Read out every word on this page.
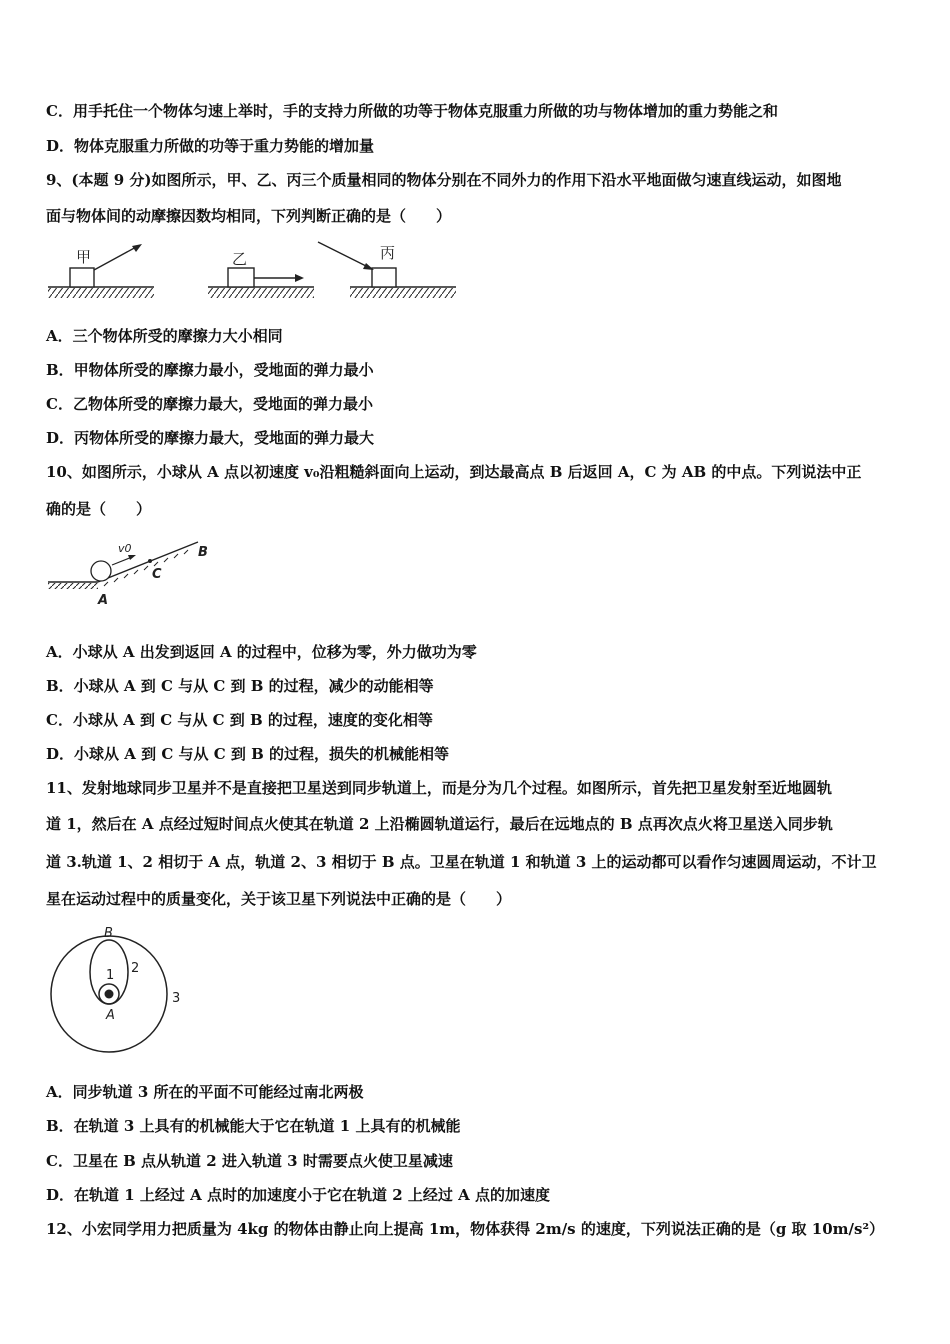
C．用手托住一个物体匀速上举时，手的支持力所做的功等于物体克服重力所做的功与物体增加的重力势能之和
D．物体克服重力所做的功等于重力势能的增加量
9、(本题 9 分)如图所示，甲、乙、丙三个质量相同的物体分别在不同外力的作用下沿水平地面做匀速直线运动，如图地
面与物体间的动摩擦因数均相同，下列判断正确的是（　　）
甲	乙	丙
A．三个物体所受的摩擦力大小相同
B．甲物体所受的摩擦力最小，受地面的弹力最小
C．乙物体所受的摩擦力最大，受地面的弹力最小
D．丙物体所受的摩擦力最大，受地面的弹力最大
10、如图所示，小球从 A 点以初速度 v₀沿粗糙斜面向上运动，到达最高点 B 后返回 A，C 为 AB 的中点。下列说法中正
确的是（　　）
v0
C
B
A
A．小球从 A 出发到返回 A 的过程中，位移为零，外力做功为零
B．小球从 A 到 C 与从 C 到 B 的过程，减少的动能相等
C．小球从 A 到 C 与从 C 到 B 的过程，速度的变化相等
D．小球从 A 到 C 与从 C 到 B 的过程，损失的机械能相等
11、发射地球同步卫星并不是直接把卫星送到同步轨道上，而是分为几个过程。如图所示，首先把卫星发射至近地圆轨
道 1，然后在 A 点经过短时间点火使其在轨道 2 上沿椭圆轨道运行，最后在远地点的 B 点再次点火将卫星送入同步轨
道 3.轨道 1、2 相切于 A 点，轨道 2、3 相切于 B 点。卫星在轨道 1 和轨道 3 上的运动都可以看作匀速圆周运动，不计卫
星在运动过程中的质量变化，关于该卫星下列说法中正确的是（　　）
B
1 2
3
A
A．同步轨道 3 所在的平面不可能经过南北两极
B．在轨道 3 上具有的机械能大于它在轨道 1 上具有的机械能
C．卫星在 B 点从轨道 2 进入轨道 3 时需要点火使卫星减速
D．在轨道 1 上经过 A 点时的加速度小于它在轨道 2 上经过 A 点的加速度
12、小宏同学用力把质量为 4kg 的物体由静止向上提高 1m，物体获得 2m/s 的速度，下列说法正确的是（g 取 10m/s²）
